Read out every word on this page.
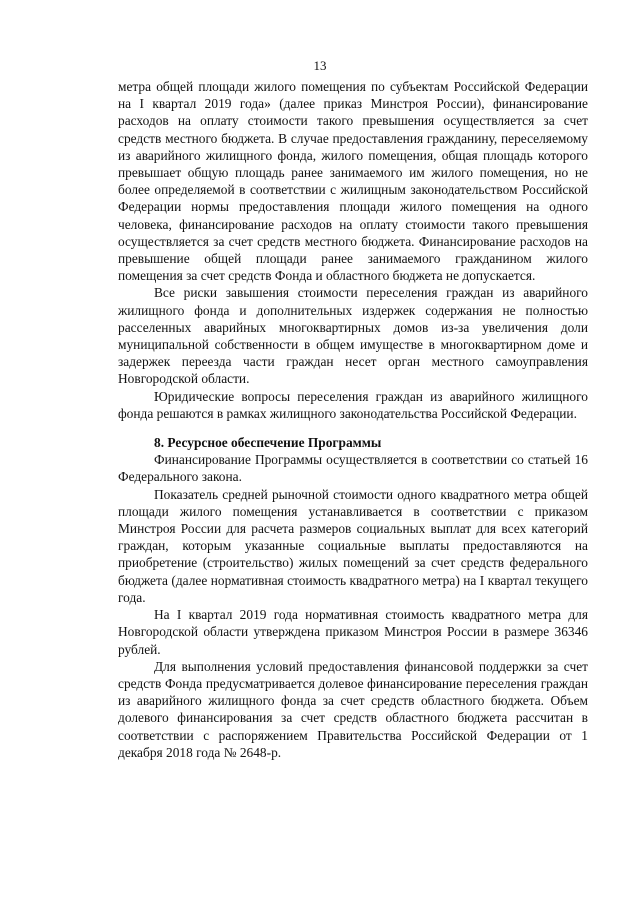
13

метра общей площади жилого помещения по субъектам Российской Федерации на I квартал 2019 года» (далее приказ Минстроя России), финансирование расходов на оплату стоимости такого превышения осуществляется за счет средств местного бюджета. В случае предоставления гражданину, переселяемому из аварийного жилищного фонда, жилого помещения, общая площадь которого превышает общую площадь ранее занимаемого им жилого помещения, но не более определяемой в соответствии с жилищным законодательством Российской Федерации нормы предоставления площади жилого помещения на одного человека, финансирование расходов на оплату стоимости такого превышения осуществляется за счет средств местного бюджета. Финансирование расходов на превышение общей площади ранее занимаемого гражданином жилого помещения за счет средств Фонда и областного бюджета не допускается.

Все риски завышения стоимости переселения граждан из аварийного жилищного фонда и дополнительных издержек содержания не полностью расселенных аварийных многоквартирных домов из-за увеличения доли муниципальной собственности в общем имуществе в многоквартирном доме и задержек переезда части граждан несет орган местного самоуправления Новгородской области.

Юридические вопросы переселения граждан из аварийного жилищного фонда решаются в рамках жилищного законодательства Российской Федерации.

8. Ресурсное обеспечение Программы

Финансирование Программы осуществляется в соответствии со статьей 16 Федерального закона.

Показатель средней рыночной стоимости одного квадратного метра общей площади жилого помещения устанавливается в соответствии с приказом Минстроя России для расчета размеров социальных выплат для всех категорий граждан, которым указанные социальные выплаты предоставляются на приобретение (строительство) жилых помещений за счет средств федерального бюджета (далее нормативная стоимость квадратного метра) на I квартал текущего года.

На I квартал 2019 года нормативная стоимость квадратного метра для Новгородской области утверждена приказом Минстроя России в размере 36346 рублей.

Для выполнения условий предоставления финансовой поддержки за счет средств Фонда предусматривается долевое финансирование переселения граждан из аварийного жилищного фонда за счет средств областного бюджета. Объем долевого финансирования за счет средств областного бюджета рассчитан в соответствии с распоряжением Правительства Российской Федерации от 1 декабря 2018 года № 2648-р.
